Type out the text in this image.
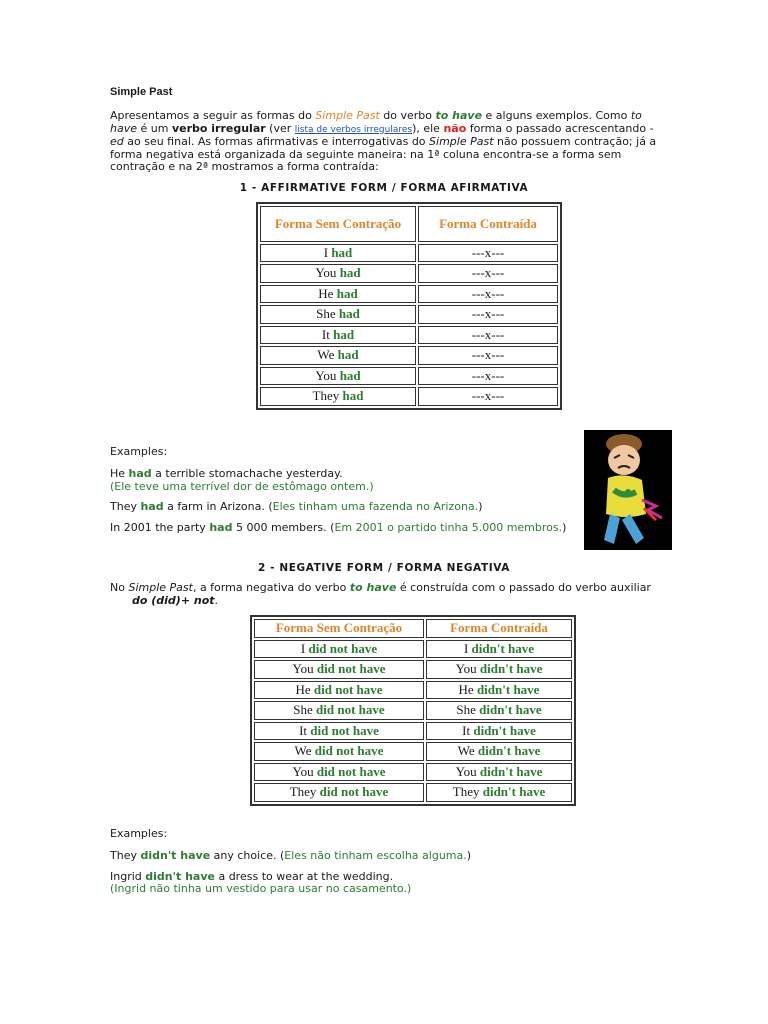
Simple Past

Apresentamos a seguir as formas do Simple Past do verbo to have e alguns exemplos. Como to have é um verbo irregular (ver lista de verbos irregulares), ele não forma o passado acrescentando -ed ao seu final. As formas afirmativas e interrogativas do Simple Past não possuem contração; já a forma negativa está organizada da seguinte maneira: na 1ª coluna encontra-se a forma sem contração e na 2ª mostramos a forma contraída:

1 - AFFIRMATIVE FORM / FORMA AFIRMATIVA
Forma Sem Contração	Forma Contraída
I had	---x---
You had	---x---
He had	---x---
She had	---x---
It had	---x---
We had	---x---
You had	---x---
They had	---x---

Examples:

He had a terrible stomachache yesterday.
(Ele teve uma terrível dor de estômago ontem.)

They had a farm in Arizona. (Eles tinham uma fazenda no Arizona.)

In 2001 the party had 5 000 members. (Em 2001 o partido tinha 5.000 membros.)

2 - NEGATIVE FORM / FORMA NEGATIVA

No Simple Past, a forma negativa do verbo to have é construída com o passado do verbo auxiliar
do (did)+ not.

Forma Sem Contração	Forma Contraída
I did not have	I didn't have
You did not have	You didn't have
He did not have	He didn't have
She did not have	She didn't have
It did not have	It didn't have
We did not have	We didn't have
You did not have	You didn't have
They did not have	They didn't have

Examples:

They didn't have any choice. (Eles não tinham escolha alguma.)

Ingrid didn't have a dress to wear at the wedding.
(Ingrid não tinha um vestido para usar no casamento.)
